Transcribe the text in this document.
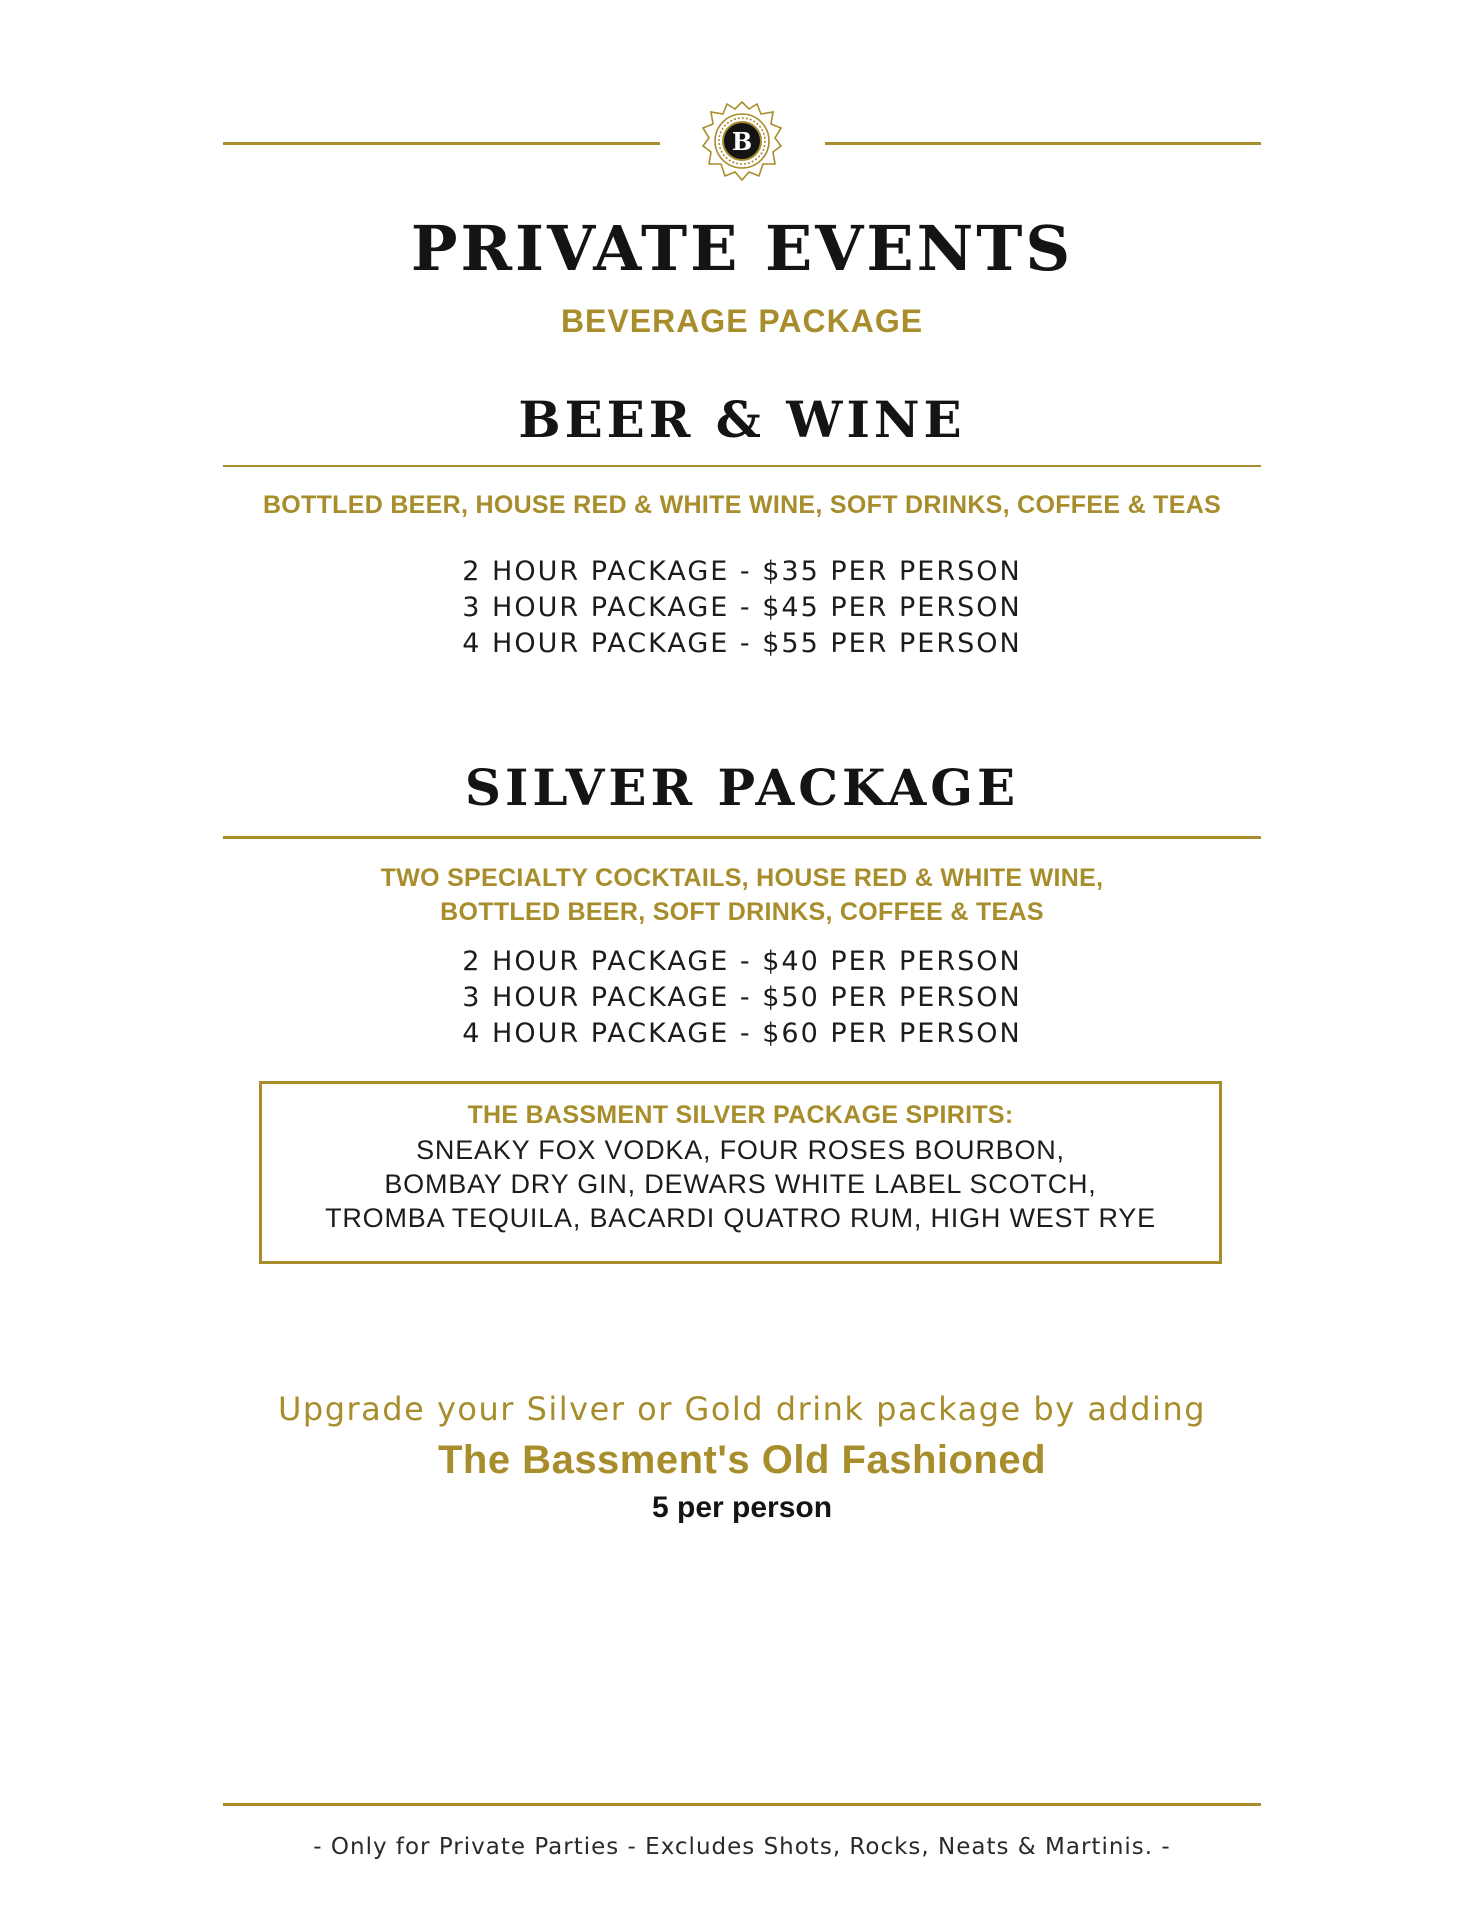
B
PRIVATE EVENTS
BEVERAGE PACKAGE
BEER & WINE
BOTTLED BEER, HOUSE RED & WHITE WINE, SOFT DRINKS, COFFEE & TEAS
2 HOUR PACKAGE - $35 PER PERSON
3 HOUR PACKAGE - $45 PER PERSON
4 HOUR PACKAGE - $55 PER PERSON
SILVER PACKAGE
TWO SPECIALTY COCKTAILS, HOUSE RED & WHITE WINE,
BOTTLED BEER, SOFT DRINKS, COFFEE & TEAS
2 HOUR PACKAGE - $40 PER PERSON
3 HOUR PACKAGE - $50 PER PERSON
4 HOUR PACKAGE - $60 PER PERSON
THE BASSMENT SILVER PACKAGE SPIRITS:
SNEAKY FOX VODKA, FOUR ROSES BOURBON,
BOMBAY DRY GIN, DEWARS WHITE LABEL SCOTCH,
TROMBA TEQUILA, BACARDI QUATRO RUM, HIGH WEST RYE
Upgrade your Silver or Gold drink package by adding
The Bassment's Old Fashioned
5 per person
- Only for Private Parties - Excludes Shots, Rocks, Neats & Martinis. -
